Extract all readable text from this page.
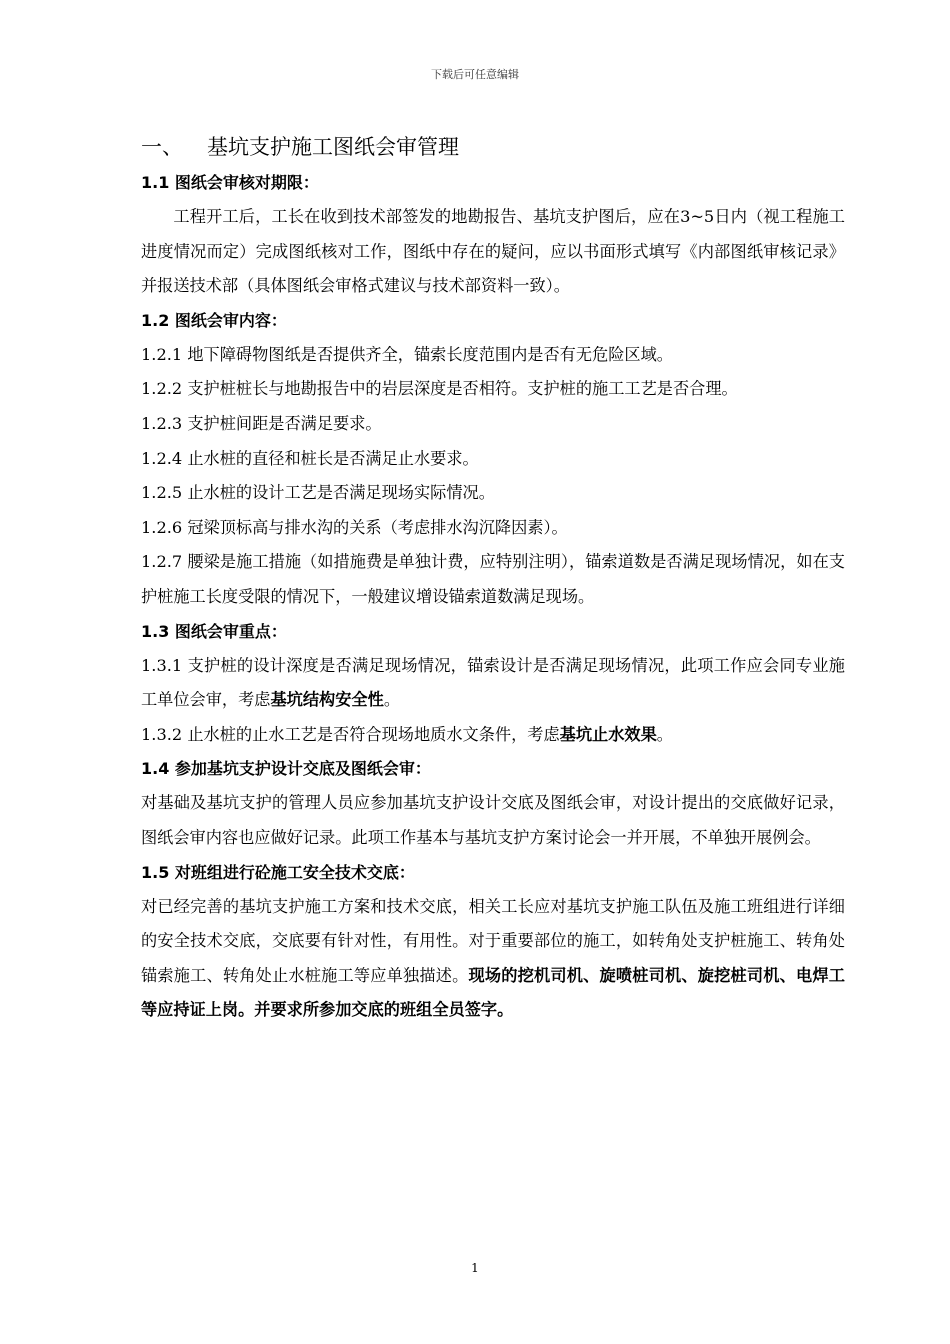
下载后可任意编辑
一、 基坑支护施工图纸会审管理
1.1 图纸会审核对期限：

工程开工后，工长在收到技术部签发的地勘报告、基坑支护图后，应在3~5日内（视工程施工进度情况而定）完成图纸核对工作，图纸中存在的疑问，应以书面形式填写《内部图纸审核记录》并报送技术部（具体图纸会审格式建议与技术部资料一致）。

1.2 图纸会审内容：

1.2.1 地下障碍物图纸是否提供齐全，锚索长度范围内是否有无危险区域。

1.2.2 支护桩桩长与地勘报告中的岩层深度是否相符。支护桩的施工工艺是否合理。

1.2.3 支护桩间距是否满足要求。

1.2.4 止水桩的直径和桩长是否满足止水要求。

1.2.5 止水桩的设计工艺是否满足现场实际情况。

1.2.6 冠梁顶标高与排水沟的关系（考虑排水沟沉降因素）。

1.2.7 腰梁是施工措施（如措施费是单独计费，应特别注明），锚索道数是否满足现场情况，如在支护桩施工长度受限的情况下，一般建议增设锚索道数满足现场。

1.3 图纸会审重点：

1.3.1 支护桩的设计深度是否满足现场情况，锚索设计是否满足现场情况，此项工作应会同专业施工单位会审，考虑基坑结构安全性。

1.3.2 止水桩的止水工艺是否符合现场地质水文条件，考虑基坑止水效果。

1.4 参加基坑支护设计交底及图纸会审：

对基础及基坑支护的管理人员应参加基坑支护设计交底及图纸会审，对设计提出的交底做好记录，图纸会审内容也应做好记录。此项工作基本与基坑支护方案讨论会一并开展，不单独开展例会。

1.5 对班组进行砼施工安全技术交底：

对已经完善的基坑支护施工方案和技术交底，相关工长应对基坑支护施工队伍及施工班组进行详细的安全技术交底，交底要有针对性，有用性。对于重要部位的施工，如转角处支护桩施工、转角处锚索施工、转角处止水桩施工等应单独描述。现场的挖机司机、旋喷桩司机、旋挖桩司机、电焊工等应持证上岗。并要求所参加交底的班组全员签字。

1
